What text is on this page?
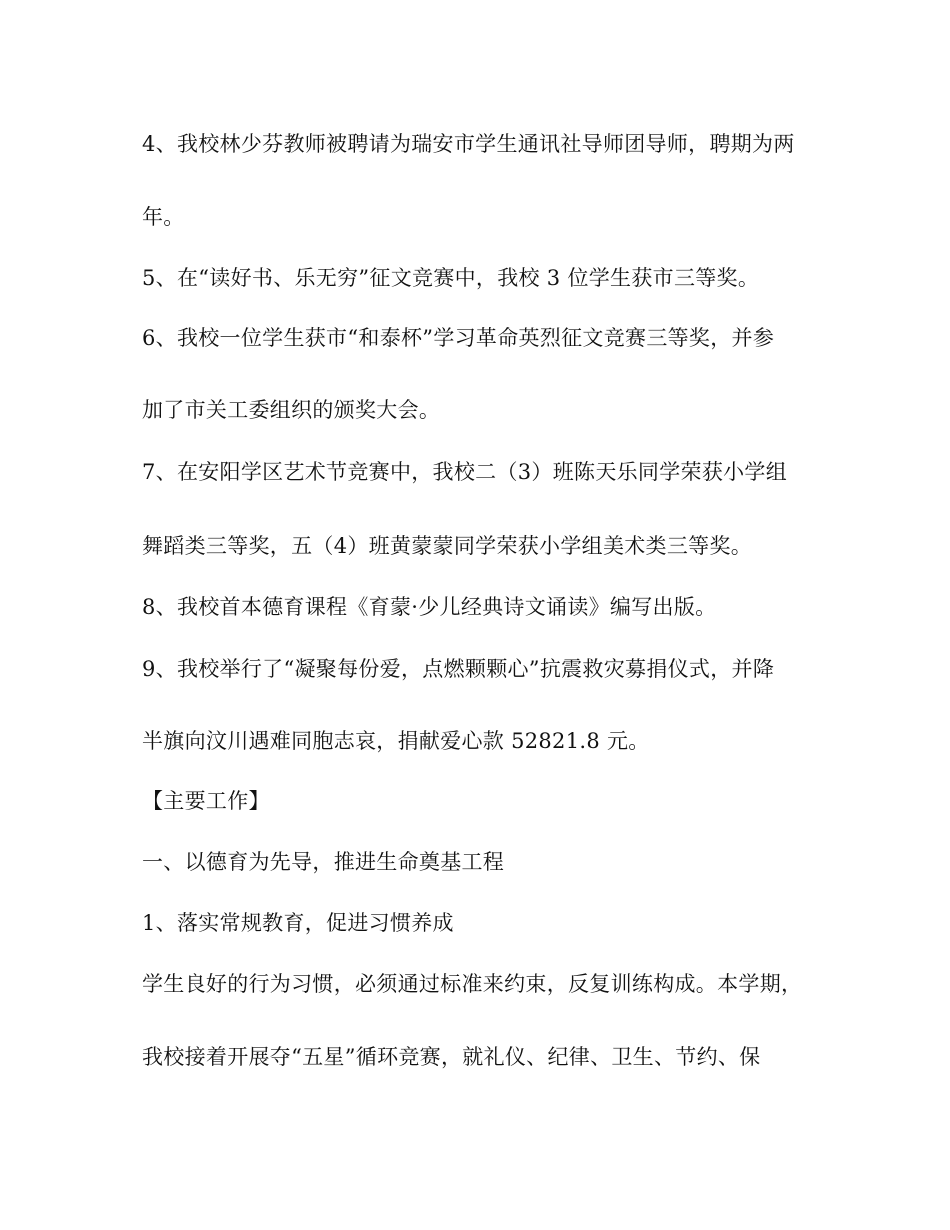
4、我校林少芬教师被聘请为瑞安市学生通讯社导师团导师，聘期为两
年。
5、在“读好书、乐无穷”征文竞赛中，我校 3 位学生获市三等奖。
6、我校一位学生获市“和泰杯”学习革命英烈征文竞赛三等奖，并参
加了市关工委组织的颁奖大会。
7、在安阳学区艺术节竞赛中，我校二（3）班陈天乐同学荣获小学组
舞蹈类三等奖，五（4）班黄蒙蒙同学荣获小学组美术类三等奖。
8、我校首本德育课程《育蒙·少儿经典诗文诵读》编写出版。
9、我校举行了“凝聚每份爱，点燃颗颗心”抗震救灾募捐仪式，并降
半旗向汶川遇难同胞志哀，捐献爱心款 52821.8 元。
【主要工作】
一、以德育为先导，推进生命奠基工程
1、落实常规教育，促进习惯养成
学生良好的行为习惯，必须通过标准来约束，反复训练构成。本学期，
我校接着开展夺“五星”循环竞赛，就礼仪、纪律、卫生、节约、保
